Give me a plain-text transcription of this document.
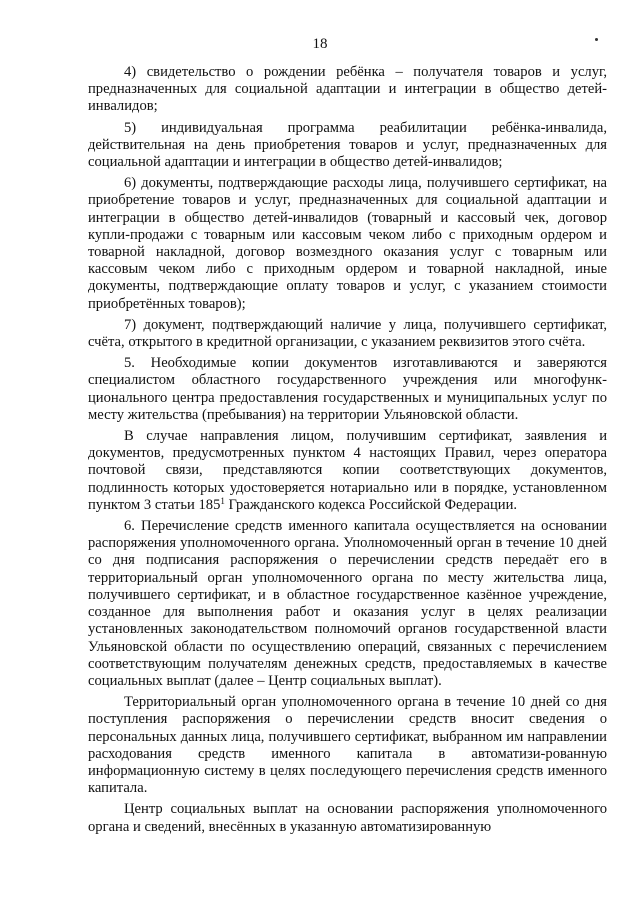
18

4) свидетельство о рождении ребёнка – получателя товаров и услуг, предназначенных для социальной адаптации и интеграции в общество детей-инвалидов;

5) индивидуальная программа реабилитации ребёнка-инвалида, действительная на день приобретения товаров и услуг, предназначенных для социальной адаптации и интеграции в общество детей-инвалидов;

6) документы, подтверждающие расходы лица, получившего сертификат, на приобретение товаров и услуг, предназначенных для социальной адаптации и интеграции в общество детей-инвалидов (товарный и кассовый чек, договор купли-продажи с товарным или кассовым чеком либо с приходным ордером и товарной накладной, договор возмездного оказания услуг с товарным или кассовым чеком либо с приходным ордером и товарной накладной, иные документы, подтверждающие оплату товаров и услуг, с указанием стоимости приобретённых товаров);

7) документ, подтверждающий наличие у лица, получившего сертификат, счёта, открытого в кредитной организации, с указанием реквизитов этого счёта.

5. Необходимые копии документов изготавливаются и заверяются специалистом областного государственного учреждения или многофунк-ционального центра предоставления государственных и муниципальных услуг по месту жительства (пребывания) на территории Ульяновской области.

В случае направления лицом, получившим сертификат, заявления и документов, предусмотренных пунктом 4 настоящих Правил, через оператора почтовой связи, представляются копии соответствующих документов, подлинность которых удостоверяется нотариально или в порядке, установленном пунктом 3 статьи $185^1$ Гражданского кодекса Российской Федерации.

6. Перечисление средств именного капитала осуществляется на основании распоряжения уполномоченного органа. Уполномоченный орган в течение 10 дней со дня подписания распоряжения о перечислении средств передаёт его в территориальный орган уполномоченного органа по месту жительства лица, получившего сертификат, и в областное государственное казённое учреждение, созданное для выполнения работ и оказания услуг в целях реализации установленных законодательством полномочий органов государственной власти Ульяновской области по осуществлению операций, связанных с перечислением соответствующим получателям денежных средств, предоставляемых в качестве социальных выплат (далее – Центр социальных выплат).

Территориальный орган уполномоченного органа в течение 10 дней со дня поступления распоряжения о перечислении средств вносит сведения о персональных данных лица, получившего сертификат, выбранном им направлении расходования средств именного капитала в автоматизи-рованную информационную систему в целях последующего перечисления средств именного капитала.

Центр социальных выплат на основании распоряжения уполномоченного органа и сведений, внесённых в указанную автоматизированную
